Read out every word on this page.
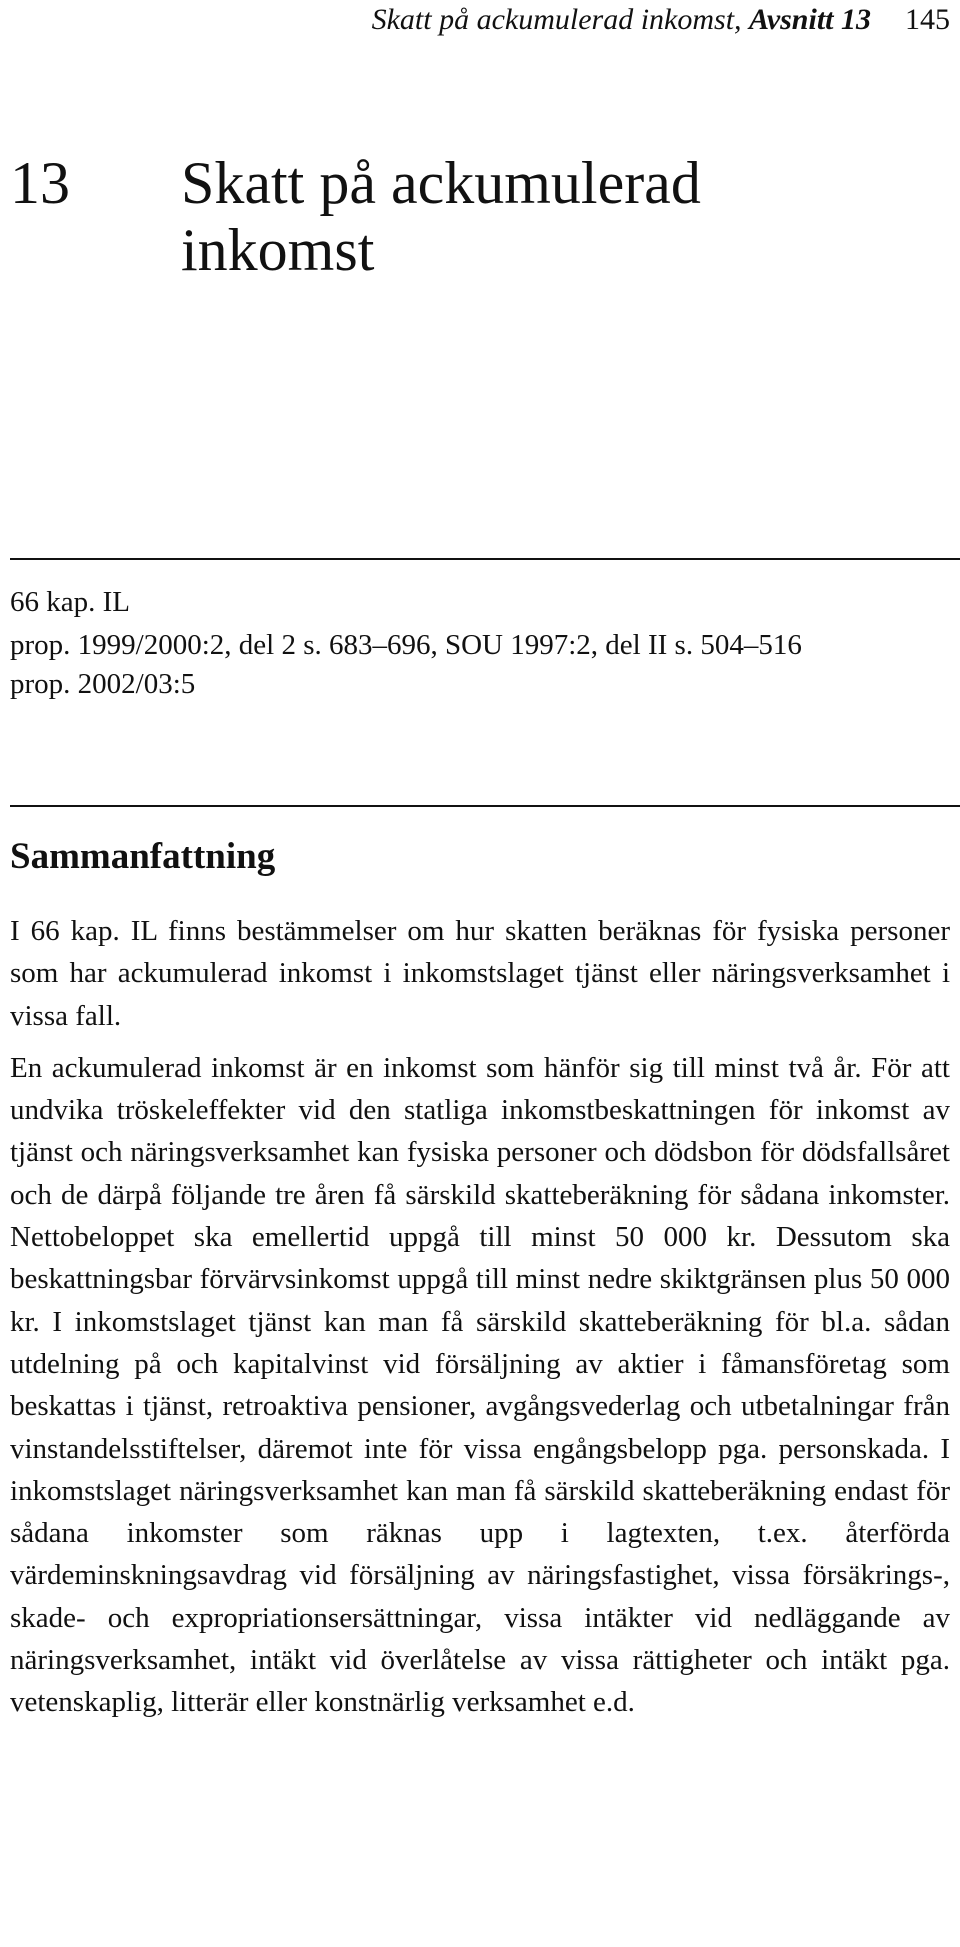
Skatt på ackumulerad inkomst,
Avsnitt 13 145
13 Skatt på ackumulerad inkomst
66 kap. IL
prop. 1999/2000:2, del 2 s. 683–696, SOU 1997:2, del II s. 504–516
prop. 2002/03:5
Sammanfattning

I 66 kap. IL finns bestämmelser om hur skatten beräknas för fysiska personer som har ackumulerad inkomst i inkomstslaget tjänst eller näringsverksamhet i vissa fall.

En ackumulerad inkomst är en inkomst som hänför sig till minst två år. För att undvika tröskeleffekter vid den statliga inkomstbeskattningen för inkomst av tjänst och näringsverksamhet kan fysiska personer och dödsbon för dödsfallsåret och de därpå följande tre åren få särskild skatteberäkning för sådana inkomster. Nettobeloppet ska emellertid uppgå till minst 50 000 kr. Dessutom ska beskattningsbar förvärvsinkomst uppgå till minst nedre skiktgränsen plus 50 000 kr. I inkomstslaget tjänst kan man få särskild skatteberäkning för bl.a. sådan utdelning på och kapitalvinst vid försäljning av aktier i fåmansföretag som beskattas i tjänst, retroaktiva pensioner, avgångsvederlag och utbetalningar från vinstandelsstiftelser, däremot inte för vissa engångsbelopp pga. personskada. I inkomstslaget näringsverksamhet kan man få särskild skatteberäkning endast för sådana inkomster som räknas upp i lagtexten, t.ex. återförda värdeminskningsavdrag vid försäljning av näringsfastighet, vissa försäkrings-, skade- och expropriationsersättningar, vissa intäkter vid nedläggande av näringsverksamhet, intäkt vid överlåtelse av vissa rättigheter och intäkt pga. vetenskaplig, litterär eller konstnärlig verksamhet e.d.
